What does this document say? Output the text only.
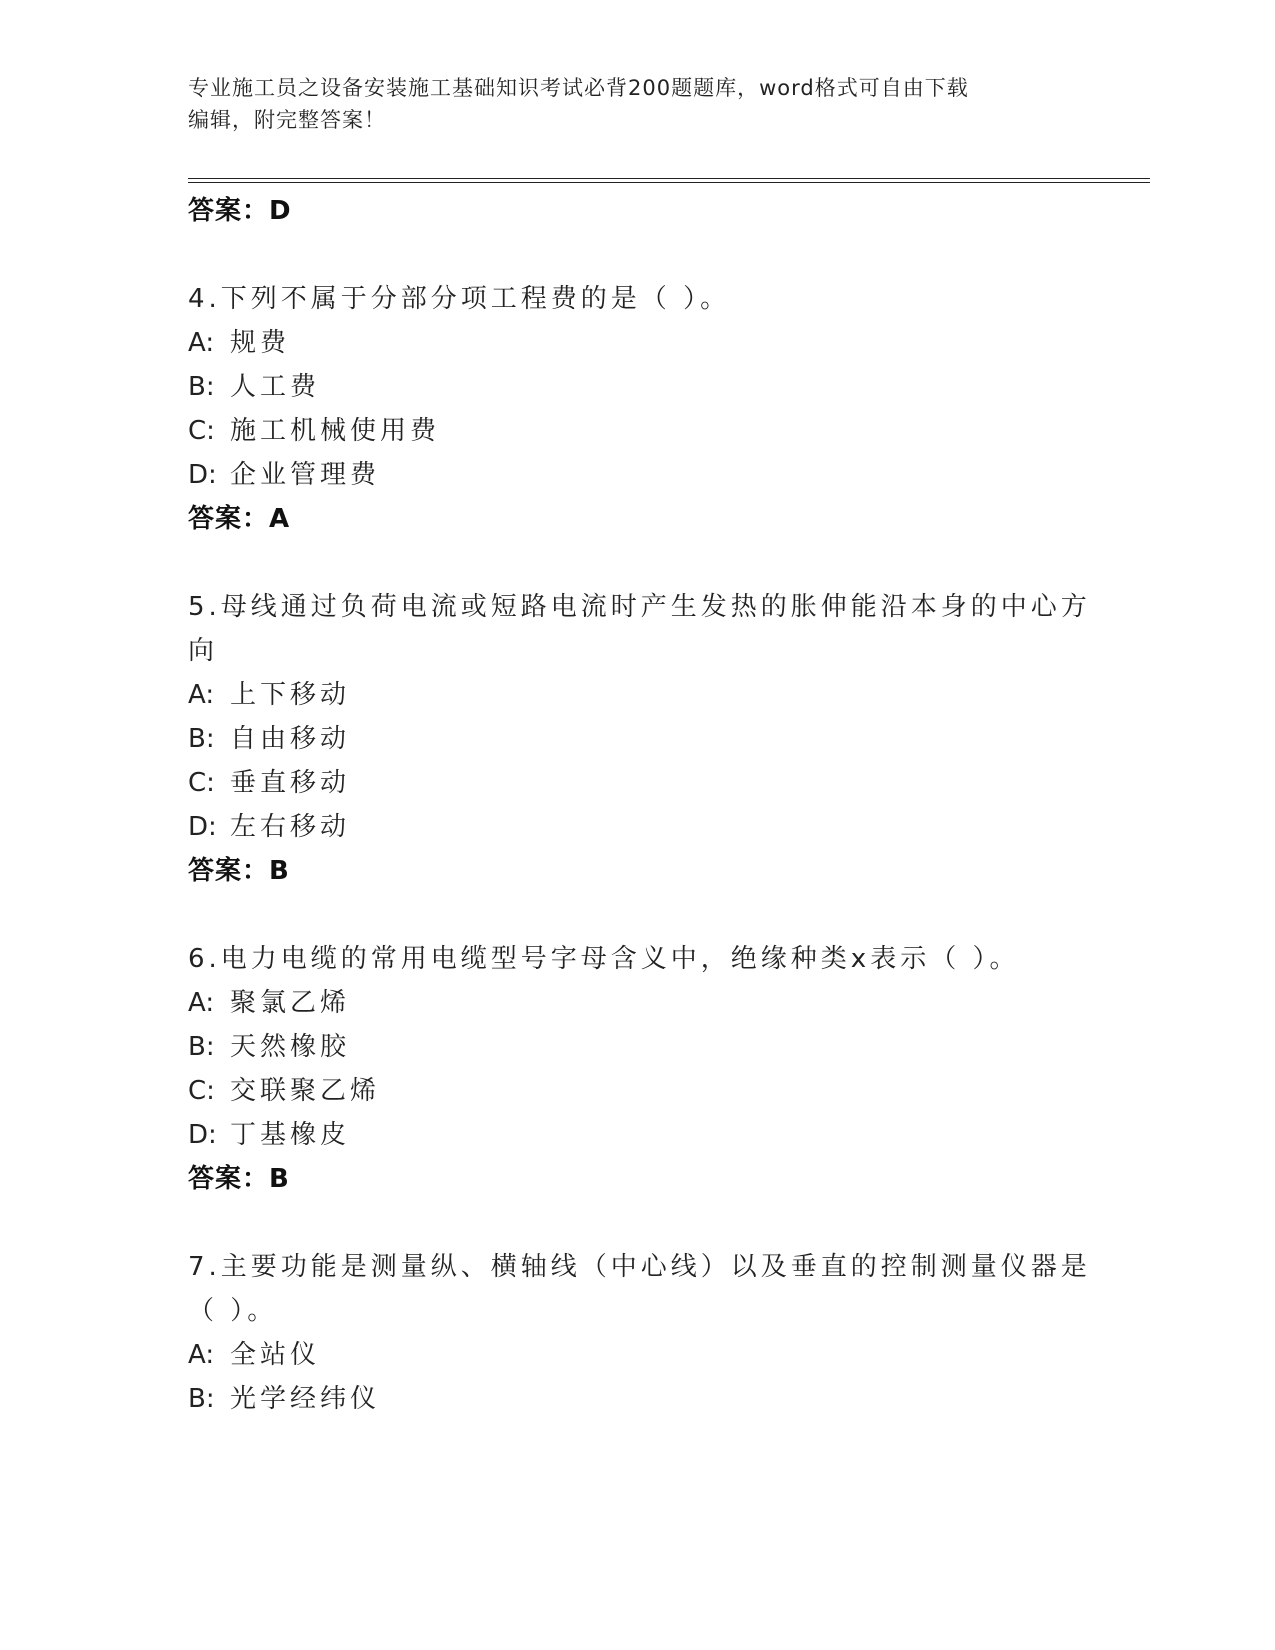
专业施工员之设备安装施工基础知识考试必背200题题库，word格式可自由下载
编辑，附完整答案！
答案：D
4.下列不属于分部分项工程费的是（ ）。
A: 规费
B: 人工费
C: 施工机械使用费
D: 企业管理费
答案：A
5.母线通过负荷电流或短路电流时产生发热的胀伸能沿本身的中心方
向
A: 上下移动
B: 自由移动
C: 垂直移动
D: 左右移动
答案：B
6.电力电缆的常用电缆型号字母含义中，绝缘种类x表示（ ）。
A: 聚氯乙烯
B: 天然橡胶
C: 交联聚乙烯
D: 丁基橡皮
答案：B
7.主要功能是测量纵、横轴线（中心线）以及垂直的控制测量仪器是
（ ）。
A: 全站仪
B: 光学经纬仪
